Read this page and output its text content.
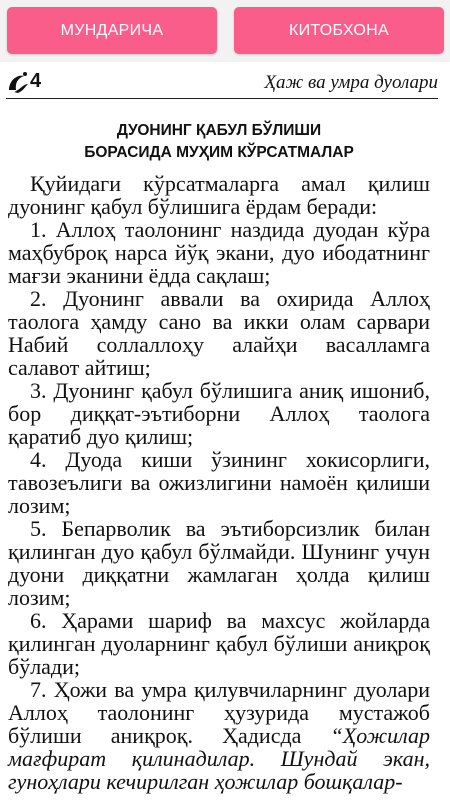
МУНДАРИЧА	КИТОБХОНА
4	Ҳаж ва умра дуолари
ДУОНИНГ ҚАБУЛ БЎЛИШИ
БОРАСИДА МУҲИМ КЎРСАТМАЛАР

Қуйидаги кўрсатмаларга амал қилиш дуонинг қабул бўлишига ёрдам беради:

1. Аллоҳ таолонинг наздида дуодан кўра маҳбуброқ нарса йўқ экани, дуо ибодатнинг мағзи эканини ёдда сақлаш;

2. Дуонинг аввали ва охирида Аллоҳ таолога ҳамду сано ва икки олам сарвари Набий соллаллоҳу алайҳи васалламга салавот айтиш;

3. Дуонинг қабул бўлишига аниқ ишониб, бор диққат-эътиборни Аллоҳ таолога қаратиб дуо қилиш;

4. Дуода киши ўзининг хокисорлиги, тавозеълиги ва ожизлигини намоён қилиши лозим;

5. Бепарволик ва эътиборсизлик билан қилинган дуо қабул бўлмайди. Шунинг учун дуони диққатни жамлаган ҳолда қилиш лозим;

6. Ҳарами шариф ва махсус жойларда қилинган дуоларнинг қабул бўлиши аниқроқ бўлади;

7. Ҳожи ва умра қилувчиларнинг дуолари Аллоҳ таолонинг ҳузурида мустажоб бўлиши аниқроқ. Ҳадисда “Ҳожилар мағфират қилинадилар. Шундай экан, гуноҳлари кечирилган ҳожилар бошқалар-
